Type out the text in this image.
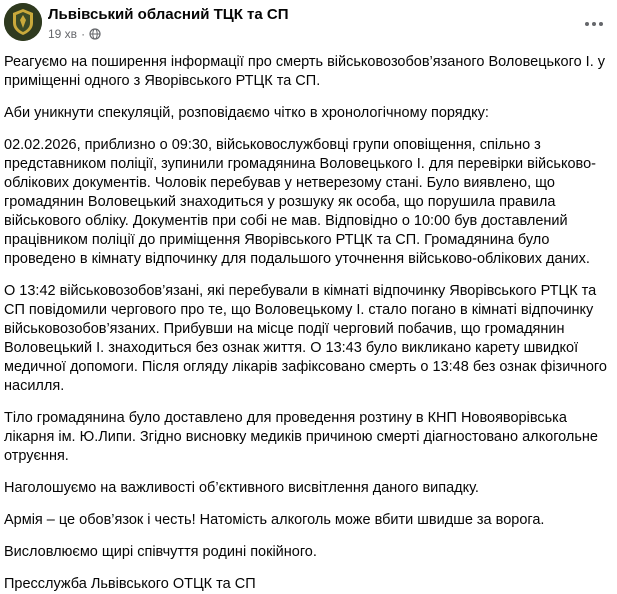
Львівський обласний ТЦК та СП
19 хв ·

Реагуємо на поширення інформації про смерть військовозобов’язаного Воловецького І. у приміщенні одного з Яворівського РТЦК та СП.

Аби уникнути спекуляцій, розповідаємо чітко в хронологічному порядку:

02.02.2026, приблизно о 09:30, військовослужбовці групи оповіщення, спільно з представником поліції, зупинили громадянина Воловецького І. для перевірки військово-облікових документів. Чоловік перебував у нетверезому стані. Було виявлено, що громадянин Воловецький знаходиться у розшуку як особа, що порушила правила військового обліку. Документів при собі не мав. Відповідно о 10:00 був доставлений працівником поліції до приміщення Яворівського РТЦК та СП. Громадянина було проведено в кімнату відпочинку для подальшого уточнення військово-облікових даних.

О 13:42 військовозобов’язані, які перебували в кімнаті відпочинку Яворівського РТЦК та СП повідомили чергового про те, що Воловецькому І. стало погано в кімнаті відпочинку військовозобов’язаних. Прибувши на місце події черговий побачив, що громадянин Воловецький І. знаходиться без ознак життя. О 13:43 було викликано карету швидкої медичної допомоги. Після огляду лікарів зафіксовано смерть о 13:48 без ознак фізичного насилля.

Тіло громадянина було доставлено для проведення розтину в КНП Новояворівська лікарня ім. Ю.Липи. Згідно висновку медиків причиною смерті діагностовано алкогольне отруєння.

Наголошуємо на важливості об’єктивного висвітлення даного випадку.

Армія – це обов’язок і честь! Натомість алкоголь може вбити швидше за ворога.

Висловлюємо щирі співчуття родині покійного.

Пресслужба Львівського ОТЦК та СП
